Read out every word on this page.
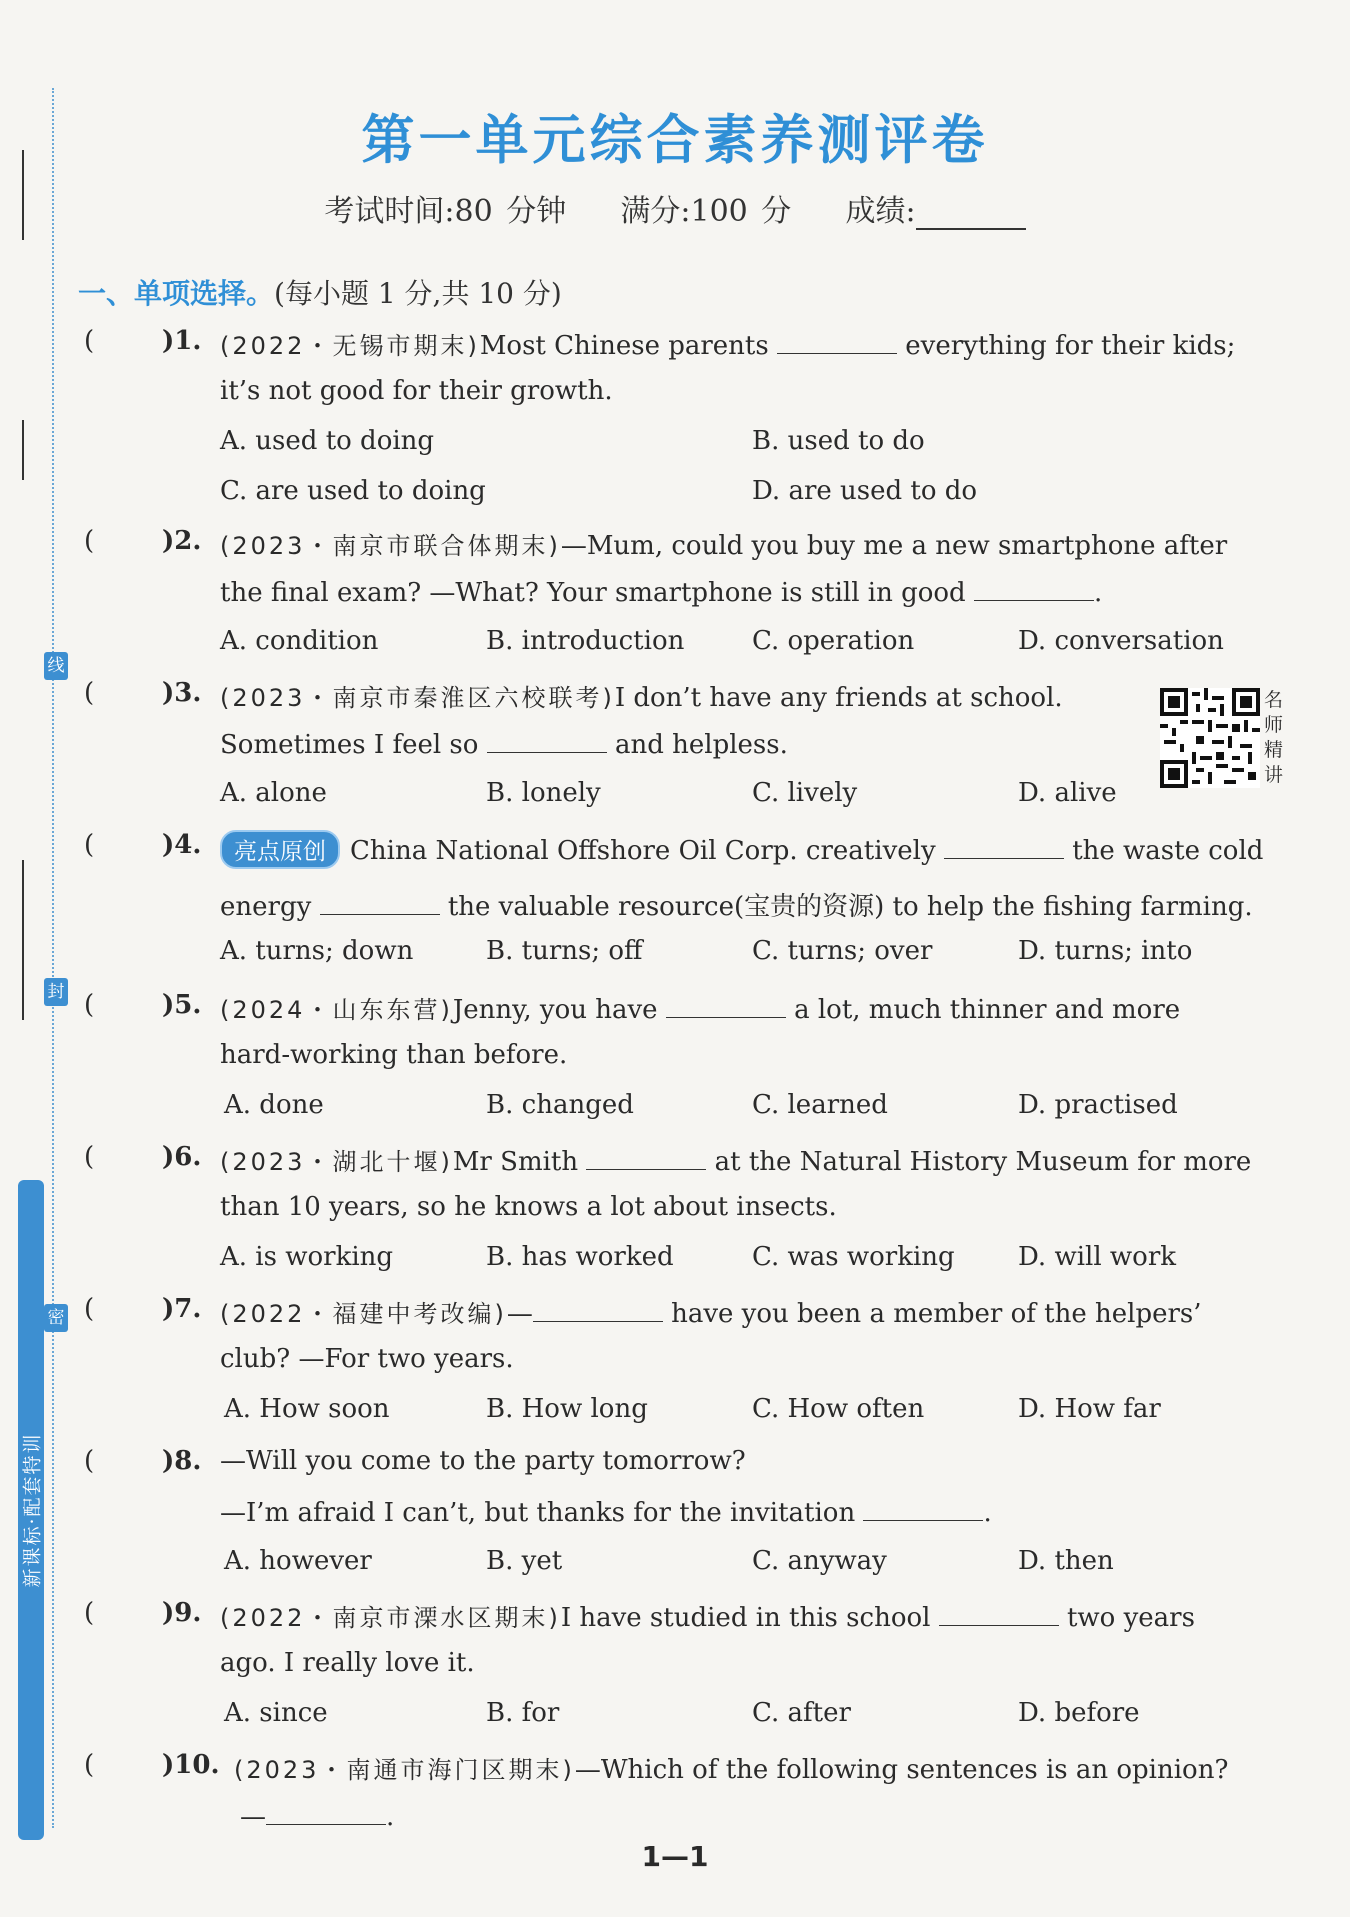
线
封
密
新课标·配套特训
第一单元综合素养测评卷
考试时间:80 分钟 满分:100 分 成绩:
一、单项选择。(每小题 1 分,共 10 分)
(	)1. (2022・无锡市期末)Most Chinese parents	everything for their kids;
it’s not good for their growth.
A. used to doing	B. used to do
C. are used to doing	D. are used to do
(	)2. (2023・南京市联合体期末)—Mum, could you buy me a new smartphone after
the final exam? —What? Your smartphone is still in good	.
A. condition	B. introduction	C. operation	D. conversation
(	)3. (2023・南京市秦淮区六校联考)I don’t have any friends at school.
Sometimes I feel so	and helpless.
A. alone	B. lonely	C. lively	D. alive
名
师
精
讲
(	)4.	亮点原创 China National Offshore Oil Corp. creatively	the waste cold
energy	the valuable resource(宝贵的资源) to help the fishing farming.
A. turns; down	B. turns; off	C. turns; over	D. turns; into
(	)5. (2024・山东东营)Jenny, you have	a lot, much thinner and more
hard-working than before.
A. done	B. changed	C. learned	D. practised
(	)6. (2023・湖北十堰)Mr Smith	at the Natural History Museum for more
than 10 years, so he knows a lot about insects.
A. is working	B. has worked	C. was working D. will work
(	)7. (2022・福建中考改编)—	have you been a member of the helpers’
club? —For two years.
A. How soon	B. How long	C. How often	D. How far
(	)8. —Will you come to the party tomorrow?
—I’m afraid I can’t, but thanks for the invitation	.
A. however	B. yet	C. anyway	D. then
(	)9. (2022・南京市溧水区期末)I have studied in this school	two years
ago. I really love it.
A. since	B. for	C. after	D. before
(	)10. (2023・南通市海门区期末)—Which of the following sentences is an opinion?
—	.
1—1
